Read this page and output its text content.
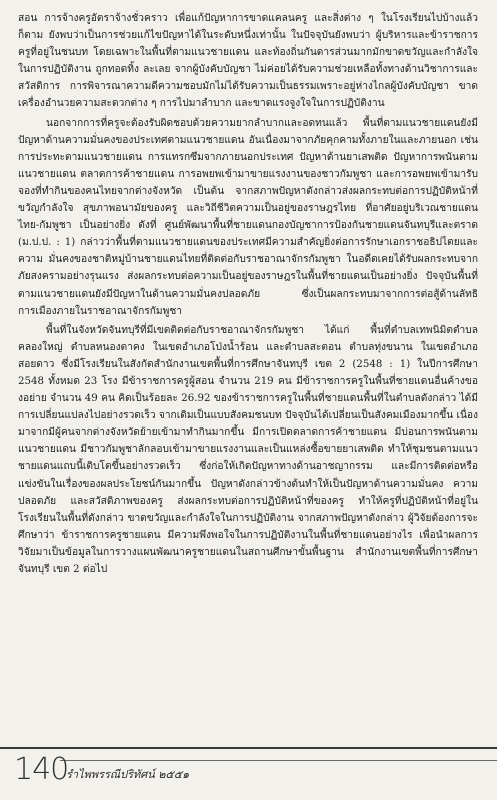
สอน การจ้างครูอัตราจ้างชั่วคราว เพื่อแก้ปัญหาการขาดแคลนครู และสิ่งต่าง ๆ ในโรงเรียนไปบ้างแล้วก็ตาม ยังพบว่าเป็นการช่วยแก้ไขปัญหาได้ในระดับหนึ่งเท่านั้น ในปัจจุบันยังพบว่า ผู้บริหารและข้าราชการครูที่อยู่ในชนบท โดยเฉพาะในพื้นที่ตามแนวชายแดน และท้องถิ่นกันดารส่วนมากมักขาดขวัญและกำลังใจในการปฏิบัติงาน ถูกทอดทิ้ง ละเลย จากผู้บังคับบัญชา ไม่ค่อยได้รับความช่วยเหลือทั้งทางด้านวิชาการและสวัสดิการ การพิจารณาความดีความชอบมักไม่ได้รับความเป็นธรรมเพราะอยู่ห่างไกลผู้บังคับบัญชา ขาดเครื่องอำนวยความสะดวกต่าง ๆ การไปมาลำบาก และขาดแรงจูงใจในการปฏิบัติงาน

นอกจากการที่ครูจะต้องรับผิดชอบด้วยความยากลำบากและอดทนแล้ว พื้นที่ตามแนวชายแดนยังมีปัญหาด้านความมั่นคงของประเทศตามแนวชายแดน อันเนื่องมาจากภัยคุกคามทั้งภายในและภายนอก เช่น การประทะตามแนวชายแดน การแทรกซึมจากภายนอกประเทศ ปัญหาด้านยาเสพติด ปัญหาการพนันตามแนวชายแดน ตลาดการค้าชายแดน การอพยพเข้ามาขายแรงงานของชาวกัมพูชา และการอพยพเข้ามารับจองที่ทำกินของคนไทยจากต่างจังหวัด เป็นต้น จากสภาพปัญหาดังกล่าวส่งผลกระทบต่อการปฏิบัติหน้าที่ ขวัญกำลังใจ สุขภาพอนามัยของครู และวิถีชีวิตความเป็นอยู่ของราษฎรไทย ที่อาศัยอยู่บริเวณชายแดนไทย-กัมพูชา เป็นอย่างยิ่ง ดังที่ ศูนย์พัฒนาพื้นที่ชายแดนกองบัญชาการป้องกันชายแดนจันทบุรีและตราด (ม.ป.ป. : 1) กล่าวว่าพื้นที่ตามแนวชายแดนของประเทศมีความสำคัญยิ่งต่อการรักษาเอกราชอธิปไตยและความ มั่นคงของชาติหมู่บ้านชายแดนไทยที่ติดต่อกับราชอาณาจักรกัมพูชา ในอดีตเคยได้รับผลกระทบจากภัยสงครามอย่างรุนแรง ส่งผลกระทบต่อความเป็นอยู่ของราษฎรในพื้นที่ชายแดนเป็นอย่างยิ่ง ปัจจุบันพื้นที่ตามแนวชายแดนยังมีปัญหาในด้านความมั่นคงปลอดภัย ซึ่งเป็นผลกระทบมาจากการต่อสู้ด้านลัทธิการเมืองภายในราชอาณาจักรกัมพูชา

พื้นที่ในจังหวัดจันทบุรีที่มีเขตติดต่อกับราชอาณาจักรกัมพูชา ได้แก่ พื้นที่ตำบลเทพนิมิตตำบลคลองใหญ่ ตำบลหนองตาคง ในเขตอำเภอโป่งน้ำร้อน และตำบลสะตอน ตำบลทุ่งขนาน ในเขตอำเภอสอยดาว ซึ่งมีโรงเรียนในสังกัดสำนักงานเขตพื้นที่การศึกษาจันทบุรี เขต 2 (2548 : 1) ในปีการศึกษา 2548 ทั้งหมด 23 โรง มีข้าราชการครูผู้สอน จำนวน 219 คน มีข้าราชการครูในพื้นที่ชายแดนอื่นค้างของอย่าย จำนวน 49 คน คิดเป็นร้อยละ 26.92 ของข้าราชการครูในพื้นที่ชายแดนพื้นที่ในตำบลดังกล่าว ได้มีการเปลี่ยนแปลงไปอย่างรวดเร็ว จากเดิมเป็นแบบสังคมชนบท ปัจจุบันได้เปลี่ยนเป็นสังคมเมืองมากขึ้น เนื่องมาจากมีผู้คนจากต่างจังหวัดย้ายเข้ามาทำกินมากขึ้น มีการเปิดตลาดการค้าชายแดน มีบ่อนการพนันตามแนวชายแดน มีชาวกัมพูชาลักลอบเข้ามาขายแรงงานและเป็นแหล่งซื้อขายยาเสพติด ทำให้ชุมชนตามแนวชายแดนแถบนี้เติบโตขึ้นอย่างรวดเร็ว ซึ่งก่อให้เกิดปัญหาทางด้านอาชญากรรม และมีการติดต่อหรือแข่งขันในเรื่องของผลประโยชน์กันมากขึ้น ปัญหาดังกล่าวข้างต้นทำให้เป็นปัญหาด้านความมั่นคง ความปลอดภัย และสวัสดิภาพของครู ส่งผลกระทบต่อการปฏิบัติหน้าที่ของครู ทำให้ครูที่ปฏิบัติหน้าที่อยู่ในโรงเรียนในพื้นที่ดังกล่าว ขาดขวัญและกำลังใจในการปฏิบัติงาน จากสภาพปัญหาดังกล่าว ผู้วิจัยต้องการจะศึกษาว่า ข้าราชการครูชายแดน มีความพึงพอใจในการปฏิบัติงานในพื้นที่ชายแดนอย่างไร เพื่อนำผลการวิจัยมาเป็นข้อมูลในการวางแผนพัฒนาครูชายแดนในสถานศึกษาขั้นพื้นฐาน สำนักงานเขตพื้นที่การศึกษาจันทบุรี เขต 2 ต่อไป

140
รำไพพรรณีปริทัศน์ ๒๕๕๑
